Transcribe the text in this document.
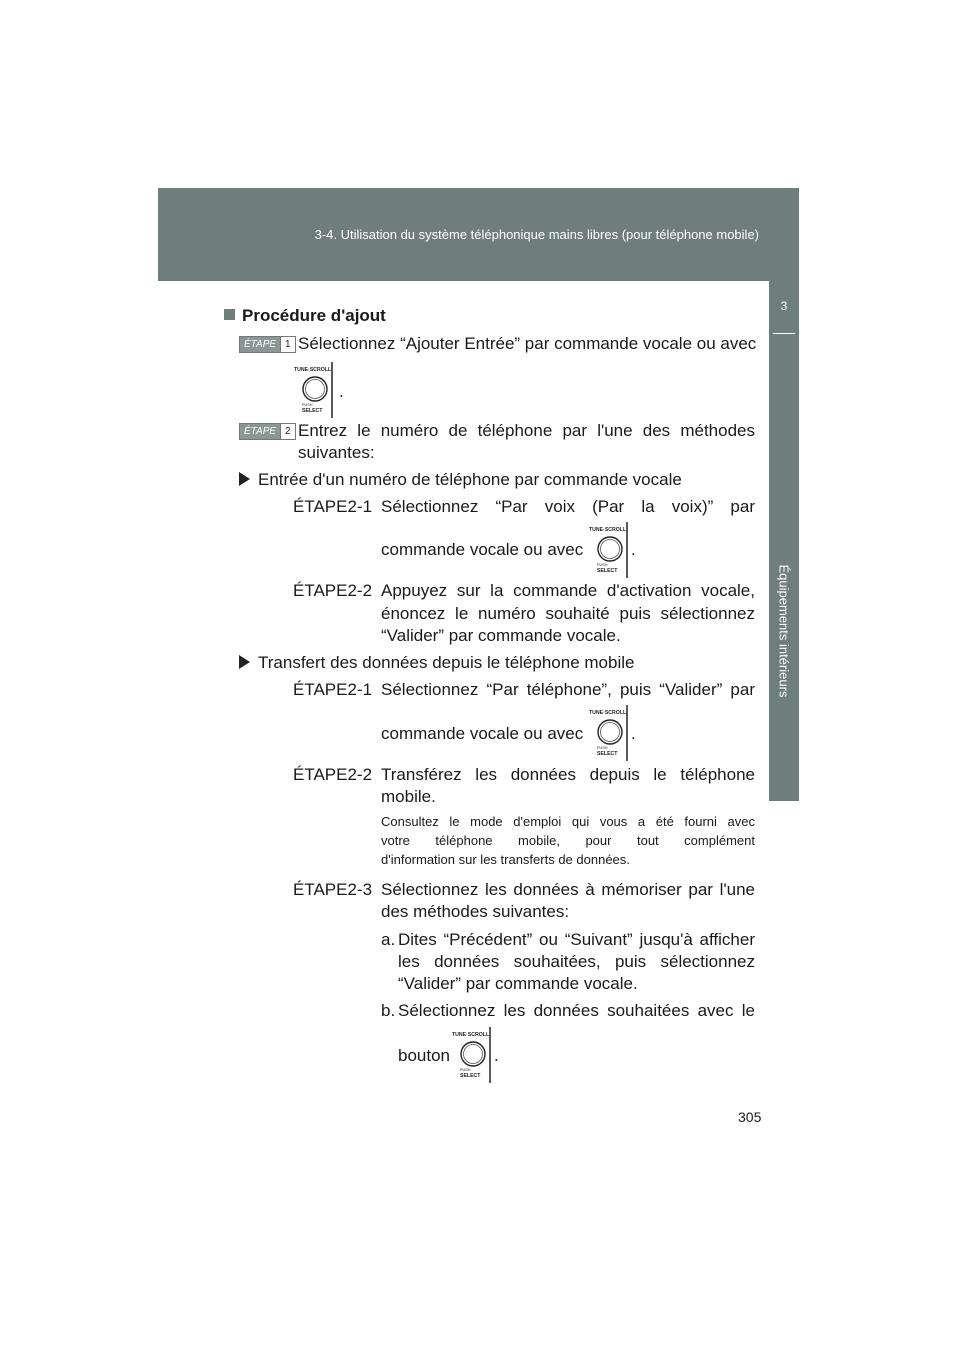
3-4. Utilisation du système téléphonique mains libres (pour téléphone mobile)
3
Équipements intérieurs
Procédure d'ajout
ÉTAPE 1 Sélectionnez “Ajouter Entrée” par commande vocale ou avec
TUNE·SCROLL
PUSH
SELECT
.
ÉTAPE 2 Entrez le numéro de téléphone par l'une des méthodes
suivantes:
Entrée d'un numéro de téléphone par commande vocale
ÉTAPE2-1 Sélectionnez “Par voix (Par la voix)” par
commande vocale ou avec
TUNE·SCROLL
PUSH
SELECT
.
ÉTAPE2-2 Appuyez sur la commande d'activation vocale,
énoncez le numéro souhaité puis sélectionnez
“Valider” par commande vocale.
Transfert des données depuis le téléphone mobile
ÉTAPE2-1 Sélectionnez “Par téléphone”, puis “Valider” par
commande vocale ou avec
TUNE·SCROLL
PUSH
SELECT
.
ÉTAPE2-2 Transférez les données depuis le téléphone
mobile.
Consultez le mode d'emploi qui vous a été fourni avec
votre téléphone mobile, pour tout complément
d'information sur les transferts de données.
ÉTAPE2-3 Sélectionnez les données à mémoriser par l'une
des méthodes suivantes:
a. Dites “Précédent” ou “Suivant” jusqu'à afficher
les données souhaitées, puis sélectionnez
“Valider” par commande vocale.
b. Sélectionnez les données souhaitées avec le
bouton
TUNE·SCROLL
PUSH
SELECT
.
305
